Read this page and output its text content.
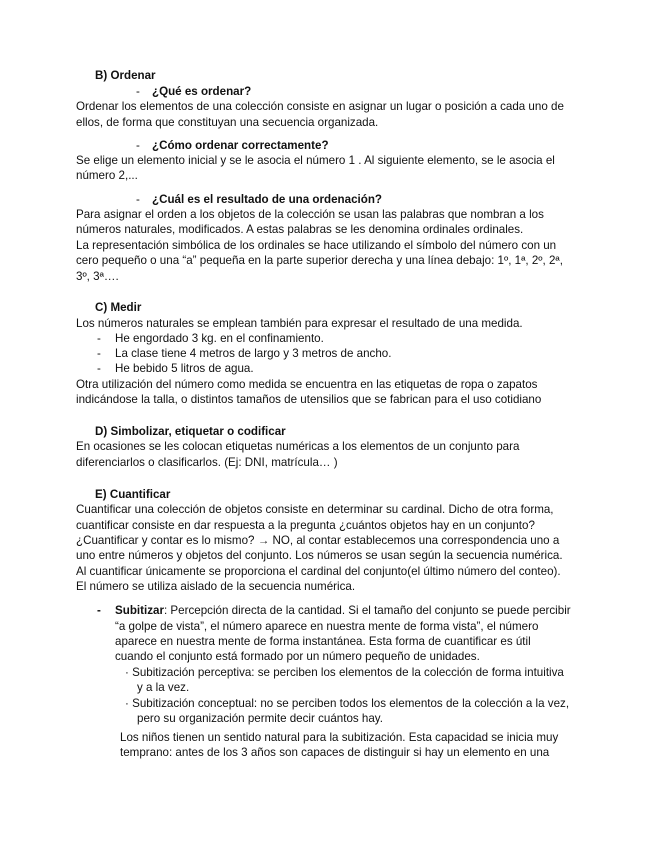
B) Ordenar
- ¿Qué es ordenar?
Ordenar los elementos de una colección consiste en asignar un lugar o posición a cada uno de
ellos, de forma que constituyan una secuencia organizada.
- ¿Cómo ordenar correctamente?
Se elige un elemento inicial y se le asocia el número 1 . Al siguiente elemento, se le asocia el
número 2,...
- ¿Cuál es el resultado de una ordenación?
Para asignar el orden a los objetos de la colección se usan las palabras que nombran a los
números naturales, modificados. A estas palabras se les denomina ordinales ordinales.
La representación simbólica de los ordinales se hace utilizando el símbolo del número con un
cero pequeño o una “a” pequeña en la parte superior derecha y una línea debajo: 1º, 1ª, 2º, 2ª,
3º, 3ª….
C) Medir
Los números naturales se emplean también para expresar el resultado de una medida.
- He engordado 3 kg. en el confinamiento.
- La clase tiene 4 metros de largo y 3 metros de ancho.
- He bebido 5 litros de agua.
Otra utilización del número como medida se encuentra en las etiquetas de ropa o zapatos
indicándose la talla, o distintos tamaños de utensilios que se fabrican para el uso cotidiano
D) Simbolizar, etiquetar o codificar
En ocasiones se les colocan etiquetas numéricas a los elementos de un conjunto para
diferenciarlos o clasificarlos. (Ej: DNI, matrícula… )
E) Cuantificar
Cuantificar una colección de objetos consiste en determinar su cardinal. Dicho de otra forma,
cuantificar consiste en dar respuesta a la pregunta ¿cuántos objetos hay en un conjunto?
¿Cuantificar y contar es lo mismo? → NO, al contar establecemos una correspondencia uno a
uno entre números y objetos del conjunto. Los números se usan según la secuencia numérica.
Al cuantificar únicamente se proporciona el cardinal del conjunto(el último número del conteo).
El número se utiliza aislado de la secuencia numérica.
- Subitizar: Percepción directa de la cantidad. Si el tamaño del conjunto se puede percibir
“a golpe de vista”, el número aparece en nuestra mente de forma vista”, el número
aparece en nuestra mente de forma instantánea. Esta forma de cuantificar es útil
cuando el conjunto está formado por un número pequeño de unidades.
· Subitización perceptiva: se perciben los elementos de la colección de forma intuitiva
y a la vez.
· Subitización conceptual: no se perciben todos los elementos de la colección a la vez,
pero su organización permite decir cuántos hay.
Los niños tienen un sentido natural para la subitización. Esta capacidad se inicia muy
temprano: antes de los 3 años son capaces de distinguir si hay un elemento en una
